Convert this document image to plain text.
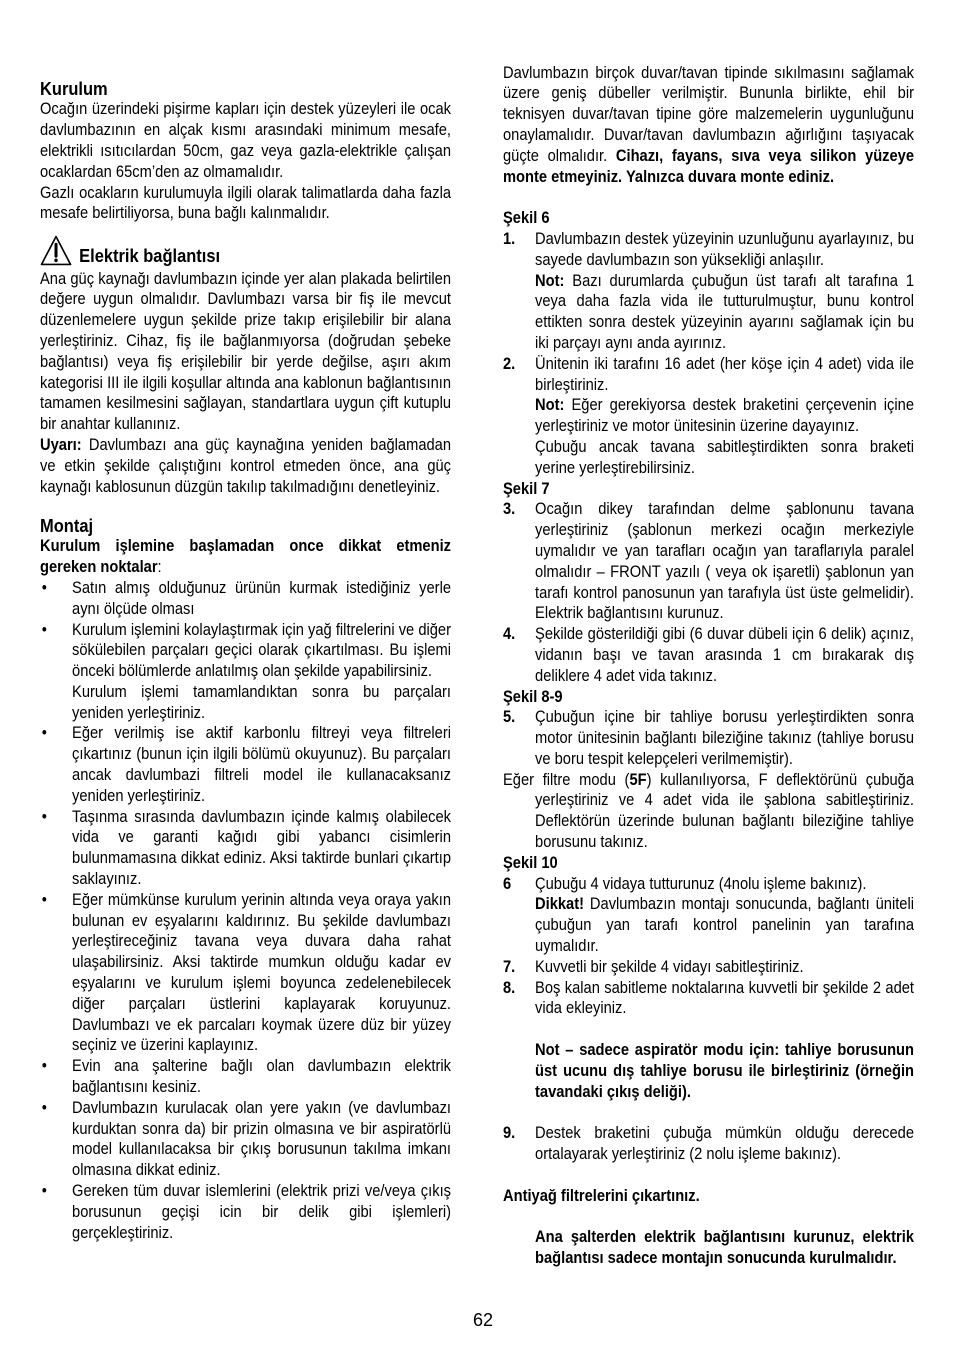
Kurulum
Ocağın üzerindeki pişirme kapları için destek yüzeyleri ile ocak davlumbazının en alçak kısmı arasındaki minimum mesafe, elektrikli ısıtıcılardan 50cm, gaz veya gazla-elektrikle çalışan ocaklardan 65cm’den az olmamalıdır.
Gazlı ocakların kurulumuyla ilgili olarak talimatlarda daha fazla mesafe belirtiliyorsa, buna bağlı kalınmalıdır.
Elektrik bağlantısı
Ana güç kaynağı davlumbazın içinde yer alan plakada belirtilen değere uygun olmalıdır. Davlumbazı varsa bir fiş ile mevcut düzenlemelere uygun şekilde prize takıp erişilebilir bir alana yerleştiriniz. Cihaz, fiş ile bağlanmıyorsa (doğrudan şebeke bağlantısı) veya fiş erişilebilir bir yerde değilse, aşırı akım kategorisi III ile ilgili koşullar altında ana kablonun bağlantısının tamamen kesilmesini sağlayan, standartlara uygun çift kutuplu bir anahtar kullanınız.
Uyarı: Davlumbazı ana güç kaynağına yeniden bağlamadan ve etkin şekilde çalıştığını kontrol etmeden önce, ana güç kaynağı kablosunun düzgün takılıp takılmadığını denetleyiniz.
Montaj
Kurulum işlemine başlamadan once dikkat etmeniz gereken noktalar:
• Satın almış olduğunuz ürünün kurmak istediğiniz yerle aynı ölçüde olması
• Kurulum işlemini kolaylaştırmak için yağ filtrelerini ve diğer sökülebilen parçaları geçici olarak çıkartılması. Bu işlemi önceki bölümlerde anlatılmış olan şekilde yapabilirsiniz.
Kurulum işlemi tamamlandıktan sonra bu parçaları yeniden yerleştiriniz.
• Eğer verilmiş ise aktif karbonlu filtreyi veya filtreleri çıkartınız (bunun için ilgili bölümü okuyunuz). Bu parçaları ancak davlumbazi filtreli model ile kullanacaksanız yeniden yerleştiriniz.
• Taşınma sırasında davlumbazın içinde kalmış olabilecek vida ve garanti kağıdı gibi yabancı cisimlerin bulunmamasına dikkat ediniz. Aksi taktirde bunlari çıkartıp saklayınız.
• Eğer mümkünse kurulum yerinin altında veya oraya yakın bulunan ev eşyalarını kaldırınız. Bu şekilde davlumbazı yerleştireceğiniz tavana veya duvara daha rahat ulaşabilirsiniz. Aksi taktirde mumkun olduğu kadar ev eşyalarını ve kurulum işlemi boyunca zedelenebilecek diğer parçaları üstlerini kaplayarak koruyunuz. Davlumbazı ve ek parcaları koymak üzere düz bir yüzey seçiniz ve üzerini kaplayınız.
• Evin ana şalterine bağlı olan davlumbazın elektrik bağlantısını kesiniz.
• Davlumbazın kurulacak olan yere yakın (ve davlumbazı kurduktan sonra da) bir prizin olmasına ve bir aspiratörlü model kullanılacaksa bir çıkış borusunun takılma imkanı olmasına dikkat ediniz.
• Gereken tüm duvar islemlerini (elektrik prizi ve/veya çıkış borusunun geçişi icin bir delik gibi işlemleri) gerçekleştiriniz.
Davlumbazın birçok duvar/tavan tipinde sıkılmasını sağlamak üzere geniş dübeller verilmiştir. Bununla birlikte, ehil bir teknisyen duvar/tavan tipine göre malzemelerin uygunluğunu onaylamalıdır. Duvar/tavan davlumbazın ağırlığını taşıyacak güçte olmalıdır. Cihazı, fayans, sıva veya silikon yüzeye monte etmeyiniz. Yalnızca duvara monte ediniz.
Şekil 6
1. Davlumbazın destek yüzeyinin uzunluğunu ayarlayınız, bu sayede davlumbazın son yüksekliği anlaşılır.
Not: Bazı durumlarda çubuğun üst tarafı alt tarafına 1 veya daha fazla vida ile tutturulmuştur, bunu kontrol ettikten sonra destek yüzeyinin ayarını sağlamak için bu iki parçayı aynı anda ayırınız.
2. Ünitenin iki tarafını 16 adet (her köşe için 4 adet) vida ile birleştiriniz.
Not: Eğer gerekiyorsa destek braketini çerçevenin içine yerleştiriniz ve motor ünitesinin üzerine dayayınız.
Çubuğu ancak tavana sabitleştirdikten sonra braketi yerine yerleştirebilirsiniz.
Şekil 7
3. Ocağın dikey tarafından delme şablonunu tavana yerleştiriniz (şablonun merkezi ocağın merkeziyle uymalıdır ve yan tarafları ocağın yan taraflarıyla paralel olmalıdır – FRONT yazılı ( veya ok işaretli) şablonun yan tarafı kontrol panosunun yan tarafıyla üst üste gelmelidir). Elektrik bağlantısını kurunuz.
4. Şekilde gösterildiği gibi (6 duvar dübeli için 6 delik) açınız, vidanın başı ve tavan arasında 1 cm bırakarak dış deliklere 4 adet vida takınız.
Şekil 8-9
5. Çubuğun içine bir tahliye borusu yerleştirdikten sonra motor ünitesinin bağlantı bileziğine takınız (tahliye borusu ve boru tespit kelepçeleri verilmemiştir).
Eğer filtre modu (5F) kullanılıyorsa, F deflektörünü çubuğa yerleştiriniz ve 4 adet vida ile şablona sabitleştiriniz. Deflektörün üzerinde bulunan bağlantı bileziğine tahliye borusunu takınız.
Şekil 10
6 Çubuğu 4 vidaya tutturunuz (4nolu işleme bakınız).
Dikkat! Davlumbazın montajı sonucunda, bağlantı üniteli çubuğun yan tarafı kontrol panelinin yan tarafına uymalıdır.
7. Kuvvetli bir şekilde 4 vidayı sabitleştiriniz.
8. Boş kalan sabitleme noktalarına kuvvetli bir şekilde 2 adet vida ekleyiniz.
Not – sadece aspiratör modu için: tahliye borusunun üst ucunu dış tahliye borusu ile birleştiriniz (örneğin tavandaki çıkış deliği).
9. Destek braketini çubuğa mümkün olduğu derecede ortalayarak yerleştiriniz (2 nolu işleme bakınız).
Antiyağ filtrelerini çıkartınız.
Ana şalterden elektrik bağlantısını kurunuz, elektrik bağlantısı sadece montajın sonucunda kurulmalıdır.
62
